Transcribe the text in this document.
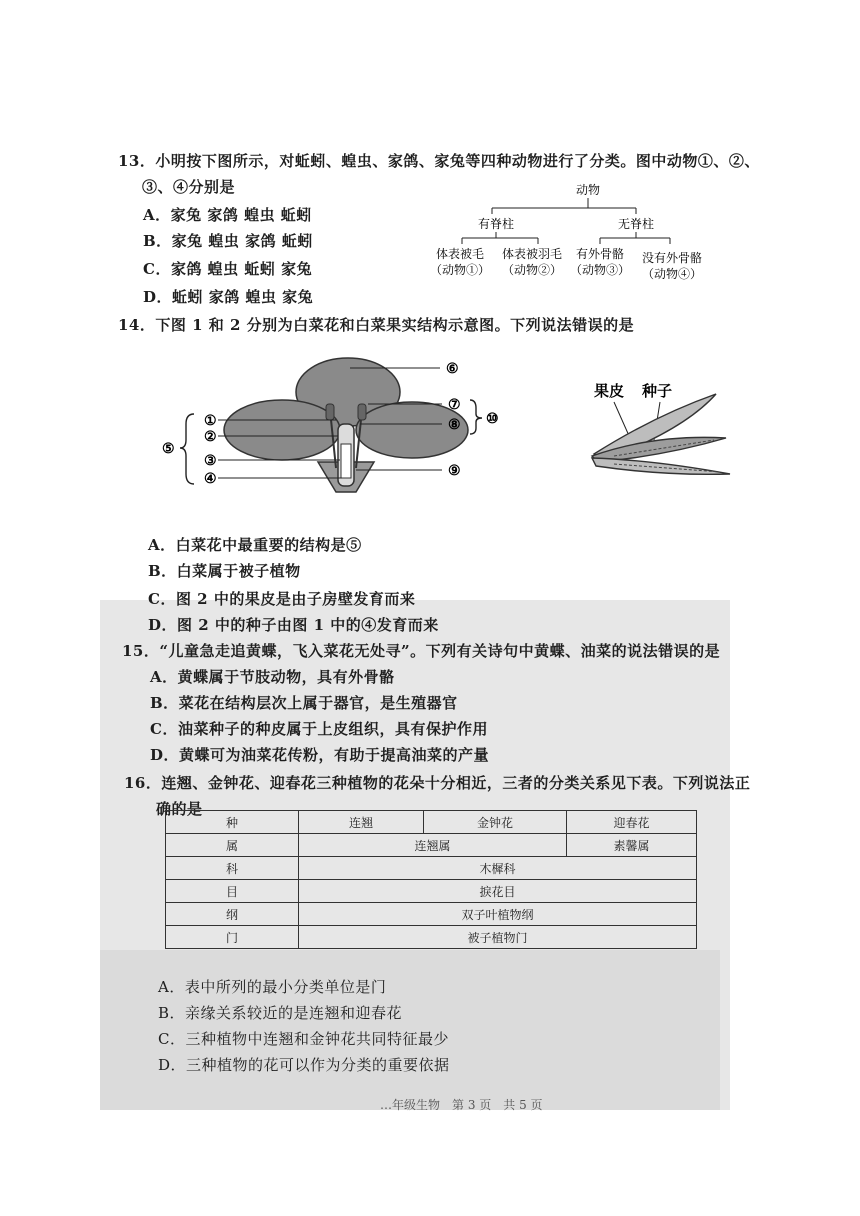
13．小明按下图所示，对蚯蚓、蝗虫、家鸽、家兔等四种动物进行了分类。图中动物①、②、
③、④分别是
A．家兔 家鸽 蝗虫 蚯蚓
B．家兔 蝗虫 家鸽 蚯蚓
C．家鸽 蝗虫 蚯蚓 家兔
D．蚯蚓 家鸽 蝗虫 家兔
动物
有脊柱	无脊柱
体表被毛
（动物①）
体表被羽毛
（动物②）
有外骨骼
（动物③）
没有外骨骼
（动物④）
14．下图 1 和 2 分别为白菜花和白菜果实结构示意图。下列说法错误的是
①
②
③
④
⑤
⑥
⑦
⑧
⑨
⑩
果皮 种子
A．白菜花中最重要的结构是⑤
B．白菜属于被子植物
C．图 2 中的果皮是由子房壁发育而来
D．图 2 中的种子由图 1 中的④发育而来
15．“儿童急走追黄蝶，飞入菜花无处寻”。下列有关诗句中黄蝶、油菜的说法错误的是
A．黄蝶属于节肢动物，具有外骨骼
B．菜花在结构层次上属于器官，是生殖器官
C．油菜种子的种皮属于上皮组织，具有保护作用
D．黄蝶可为油菜花传粉，有助于提高油菜的产量
16．连翘、金钟花、迎春花三种植物的花朵十分相近，三者的分类关系见下表。下列说法正
确的是
种	连翘	金钟花	迎春花
属	连翘属		素馨属
科	木樨科		
目	捩花目		
纲	双子叶植物纲		
门	被子植物门		
A．表中所列的最小分类单位是门
B．亲缘关系较近的是连翘和迎春花
C．三种植物中连翘和金钟花共同特征最少
D．三种植物的花可以作为分类的重要依据
…年级生物　第 3 页　共 5 页
